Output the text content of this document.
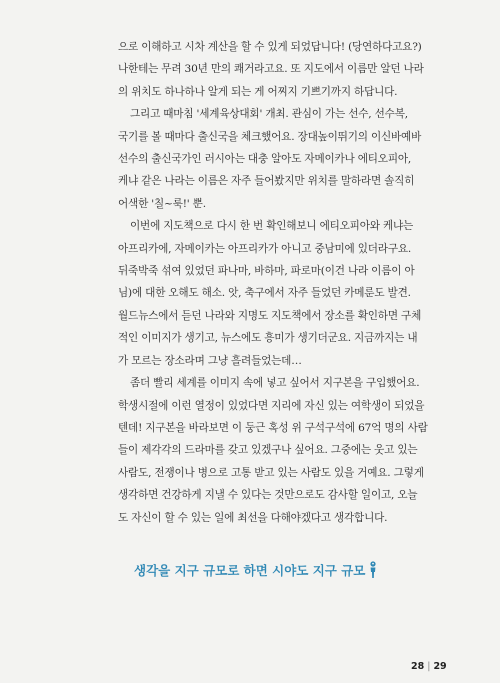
으로 이해하고 시차 계산을 할 수 있게 되었답니다! (당연하다고요?)
나한테는 무려 30년 만의 쾌거라고요. 또 지도에서 이름만 알던 나라
의 위치도 하나하나 알게 되는 게 어찌지 기쁘기까지 하답니다.
그리고 때마침 '세계육상대회' 개최. 관심이 가는 선수, 선수복,
국기를 볼 때마다 출신국을 체크했어요. 장대높이뛰기의 이신바예바
선수의 출신국가인 러시아는 대충 알아도 자메이카나 에티오피아,
케냐 같은 나라는 이름은 자주 들어봤지만 위치를 말하라면 솔직히
어색한 '칠~룩!' 뿐.
이번에 지도책으로 다시 한 번 확인해보니 에티오피아와 케냐는
아프리카에, 자메이카는 아프리카가 아니고 중남미에 있더라구요.
뒤죽박죽 섞여 있었던 파나마, 바하마, 파로마(이건 나라 이름이 아
님)에 대한 오해도 해소. 앗, 축구에서 자주 들었던 카메룬도 발견.
월드뉴스에서 듣던 나라와 지명도 지도책에서 장소를 확인하면 구체
적인 이미지가 생기고, 뉴스에도 흥미가 생기더군요. 지금까지는 내
가 모르는 장소라며 그냥 흘려들었는데…
좀더 빨리 세계를 이미지 속에 넣고 싶어서 지구본을 구입했어요.
학생시절에 이런 열정이 있었다면 지리에 자신 있는 여학생이 되었을
텐데! 지구본을 바라보면 이 둥근 혹성 위 구석구석에 67억 명의 사람
들이 제각각의 드라마를 갖고 있겠구나 싶어요. 그중에는 웃고 있는
사람도, 전쟁이나 병으로 고통 받고 있는 사람도 있을 거예요. 그렇게
생각하면 건강하게 지낼 수 있다는 것만으로도 감사할 일이고, 오늘
도 자신이 할 수 있는 일에 최선을 다해야겠다고 생각합니다.
생각을 지구 규모로 하면 시야도 지구 규모
28 | 29
